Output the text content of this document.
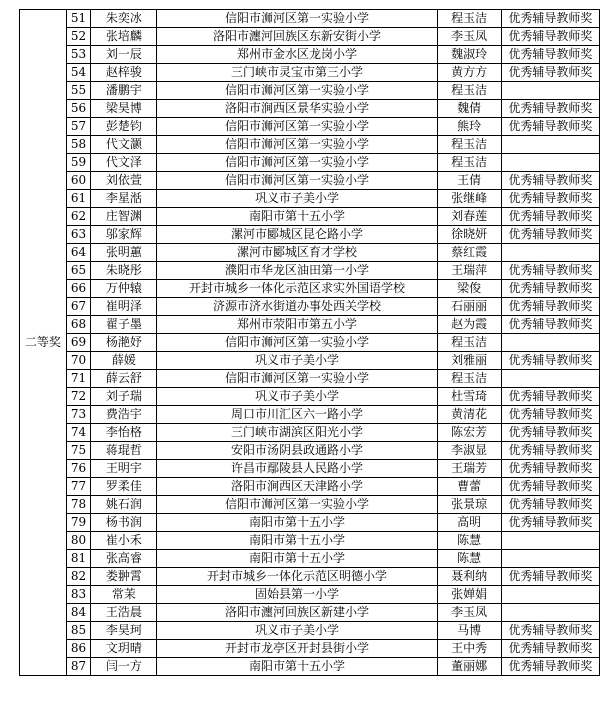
二等奖	51	朱奕冰	信阳市浉河区第一实验小学	程玉洁	优秀辅导教师奖
	52	张培麟	洛阳市瀍河回族区东新安街小学	李玉凤	优秀辅导教师奖
	53	刘一辰	郑州市金水区龙岗小学	魏淑玲	优秀辅导教师奖
	54	赵梓骏	三门峡市灵宝市第三小学	黄方方	优秀辅导教师奖
	55	潘鹏宇	信阳市浉河区第一实验小学	程玉洁	
	56	梁昊博	洛阳市涧西区景华实验小学	魏倩	优秀辅导教师奖
	57	彭楚钧	信阳市浉河区第一实验小学	熊玲	优秀辅导教师奖
	58	代文灏	信阳市浉河区第一实验小学	程玉洁	
	59	代文泽	信阳市浉河区第一实验小学	程玉洁	
	60	刘依萱	信阳市浉河区第一实验小学	王倩	优秀辅导教师奖
	61	李星湉	巩义市子美小学	张继峰	优秀辅导教师奖
	62	庄智渊	南阳市第十五小学	刘春莲	优秀辅导教师奖
	63	邬家辉	漯河市郾城区昆仑路小学	徐晓妍	优秀辅导教师奖
	64	张明蕙	漯河市郾城区育才学校	蔡红霞	
	65	朱晓彤	濮阳市华龙区油田第一小学	王瑞萍	优秀辅导教师奖
	66	万仲辕	开封市城乡一体化示范区求实外国语学校	梁俊	优秀辅导教师奖
	67	崔明泽	济源市济水街道办事处西关学校	石丽丽	优秀辅导教师奖
	68	翟子墨	郑州市荥阳市第五小学	赵为霞	优秀辅导教师奖
	69	杨滟妤	信阳市浉河区第一实验小学	程玉洁	
	70	薛媛	巩义市子美小学	刘雅丽	优秀辅导教师奖
	71	薛云舒	信阳市浉河区第一实验小学	程玉洁	
	72	刘子瑞	巩义市子美小学	杜雪琦	优秀辅导教师奖
	73	费浩宇	周口市川汇区六一路小学	黄清花	优秀辅导教师奖
	74	李怡格	三门峡市湖滨区阳光小学	陈宏芳	优秀辅导教师奖
	75	蒋琨哲	安阳市汤阴县政通路小学	李淑显	优秀辅导教师奖
	76	王明宇	许昌市鄢陵县人民路小学	王瑞芳	优秀辅导教师奖
	77	罗柔佳	洛阳市涧西区天津路小学	曹蕾	优秀辅导教师奖
	78	姚石润	信阳市浉河区第一实验小学	张景琼	优秀辅导教师奖
	79	杨书润	南阳市第十五小学	高明	优秀辅导教师奖
	80	崔小禾	南阳市第十五小学	陈慧	
	81	张高睿	南阳市第十五小学	陈慧	
	82	娄翀霄	开封市城乡一体化示范区明德小学	聂利纳	优秀辅导教师奖
	83	常茉	固始县第一小学	张婵娟	
	84	王浩晨	洛阳市瀍河回族区新建小学	李玉凤	
	85	李昊珂	巩义市子美小学	马博	优秀辅导教师奖
	86	文玥晴	开封市龙亭区开封县街小学	王中秀	优秀辅导教师奖
	87	闫一方	南阳市第十五小学	董丽娜	优秀辅导教师奖
